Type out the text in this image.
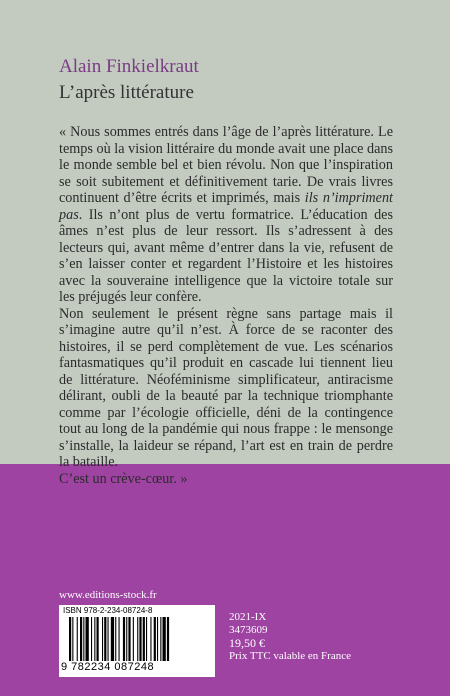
Alain Finkielkraut
L’après littérature

« Nous sommes entrés dans l’âge de l’après littérature. Le temps où la vision littéraire du monde avait une place dans le monde semble bel et bien révolu. Non que l’inspiration se soit subitement et définitivement tarie. De vrais livres continuent d’être écrits et imprimés, mais ils n’impriment pas. Ils n’ont plus de vertu formatrice. L’éducation des âmes n’est plus de leur ressort. Ils s’adressent à des lecteurs qui, avant même d’entrer dans la vie, refusent de s’en laisser conter et regardent l’Histoire et les histoires avec la souveraine intelligence que la victoire totale sur les préjugés leur confère.

Non seulement le présent règne sans partage mais il s’imagine autre qu’il n’est. À force de se raconter des histoires, il se perd complètement de vue. Les scénarios fantasmatiques qu’il produit en cascade lui tiennent lieu de littérature. Néoféminisme simplificateur, antiracisme délirant, oubli de la beauté par la technique triomphante comme par l’écologie officielle, déni de la contingence tout au long de la pandémie qui nous frappe : le mensonge s’installe, la laideur se répand, l’art est en train de perdre la bataille.

C’est un crève-cœur. »

www.editions-stock.fr
ISBN 978-2-234-08724-8
9 782234 087248
2021-IX
3473609
19,50 €
Prix TTC valable en France
